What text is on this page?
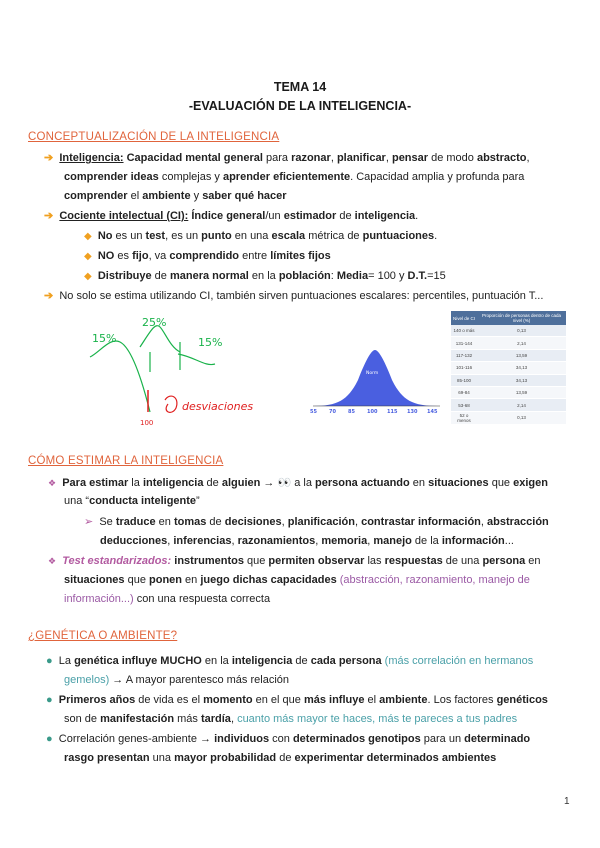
TEMA 14
-EVALUACIÓN DE LA INTELIGENCIA-
CONCEPTUALIZACIÓN DE LA INTELIGENCIA
➔ Inteligencia: Capacidad mental general para razonar, planificar, pensar de modo abstracto,
comprender ideas complejas y aprender eficientemente. Capacidad amplia y profunda para
comprender el ambiente y saber qué hacer
➔ Cociente intelectual (CI): Índice general/un estimador de inteligencia.
◆ No es un test, es un punto en una escala métrica de puntuaciones.
◆ NO es fijo, va comprendido entre límites fijos
◆ Distribuye de manera normal en la población: Media= 100 y D.T.=15
➔ No solo se estima utilizando CI, también sirven puntuaciones escalares: percentiles, puntuación T...
15%	15%
25%
100
desviaciones
Norm
55 70 85 100 115 130 145
Nivel de CI	Proporción de personas dentro de cada nivel (%)
140 o más	0,13
131-144	2,14
117-132	13,59
101-116	34,13
85-100	34,13
69-84	13,59
53-68	2,14
52 o menos	0,13
CÓMO ESTIMAR LA INTELIGENCIA
❖ Para estimar la inteligencia de alguien → 👀 a la persona actuando en situaciones que exigen
una “conducta inteligente”
➢ Se traduce en tomas de decisiones, planificación, contrastar información, abstracción
deducciones, inferencias, razonamientos, memoria, manejo de la información...
❖ Test estandarizados: instrumentos que permiten observar las respuestas de una persona en
situaciones que ponen en juego dichas capacidades (abstracción, razonamiento, manejo de
información...) con una respuesta correcta
¿GENÉTICA O AMBIENTE?
● La genética influye MUCHO en la inteligencia de cada persona (más correlación en hermanos
gemelos) → A mayor parentesco más relación
● Primeros años de vida es el momento en el que más influye el ambiente. Los factores genéticos
son de manifestación más tardía, cuanto más mayor te haces, más te pareces a tus padres
● Correlación genes-ambiente → individuos con determinados genotipos para un determinado
rasgo presentan una mayor probabilidad de experimentar determinados ambientes
1
